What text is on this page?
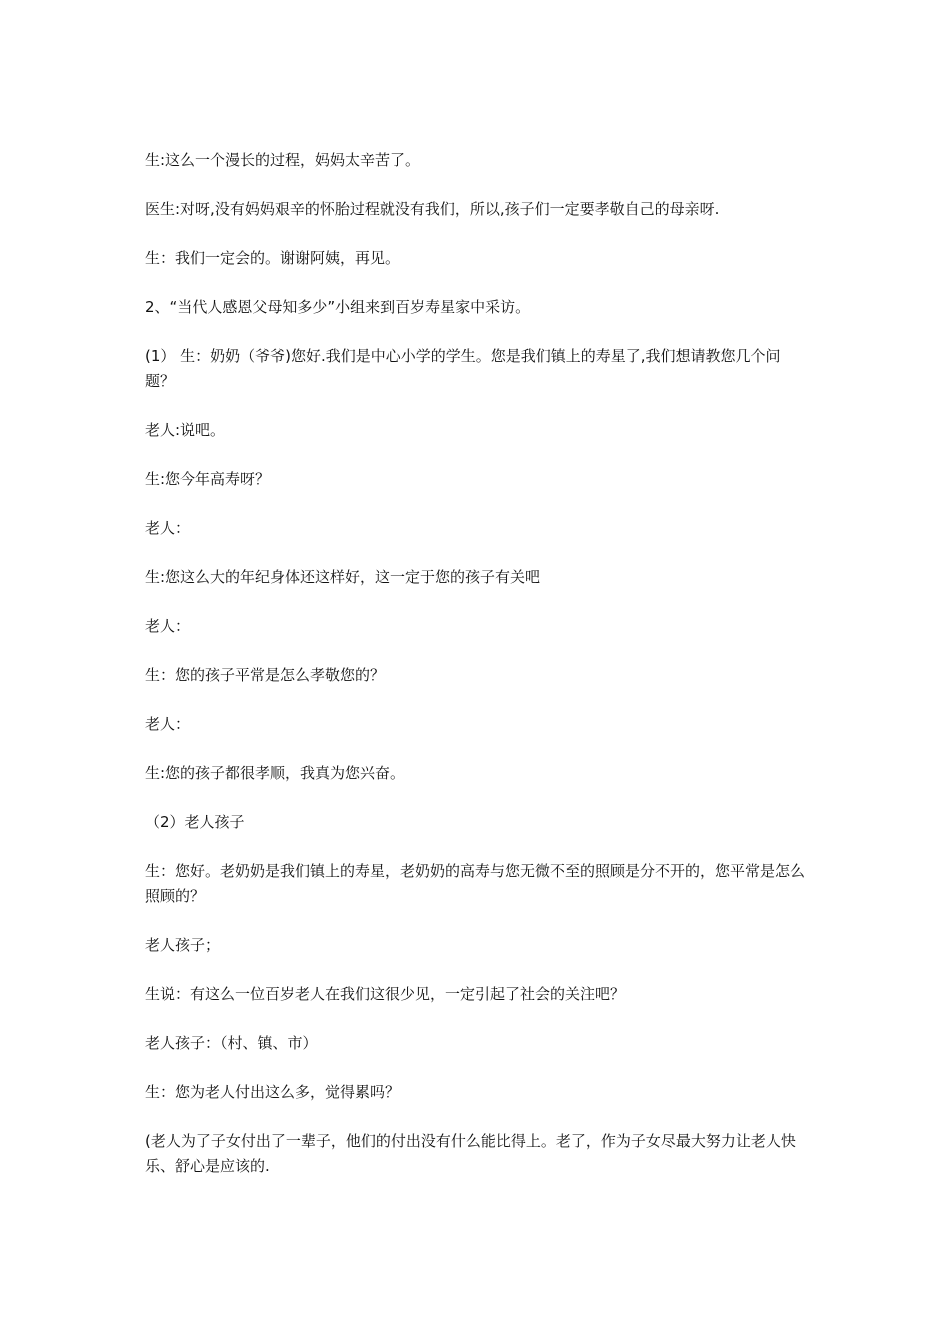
生:这么一个漫长的过程，妈妈太辛苦了。

医生:对呀,没有妈妈艰辛的怀胎过程就没有我们，所以,孩子们一定要孝敬自己的母亲呀.

生：我们一定会的。谢谢阿姨，再见。

2、“当代人感恩父母知多少”小组来到百岁寿星家中采访。

(1） 生：奶奶（爷爷)您好.我们是中心小学的学生。您是我们镇上的寿星了,我们想请教您几个问题？

老人:说吧。

生:您今年高寿呀？

老人：

生:您这么大的年纪身体还这样好，这一定于您的孩子有关吧

老人：

生：您的孩子平常是怎么孝敬您的？

老人：

生:您的孩子都很孝顺，我真为您兴奋。

（2）老人孩子

生：您好。老奶奶是我们镇上的寿星，老奶奶的高寿与您无微不至的照顾是分不开的，您平常是怎么照顾的？

老人孩子；

生说：有这么一位百岁老人在我们这很少见，一定引起了社会的关注吧？

老人孩子：（村、镇、市）

生：您为老人付出这么多，觉得累吗？

(老人为了子女付出了一辈子，他们的付出没有什么能比得上。老了，作为子女尽最大努力让老人快乐、舒心是应该的.
